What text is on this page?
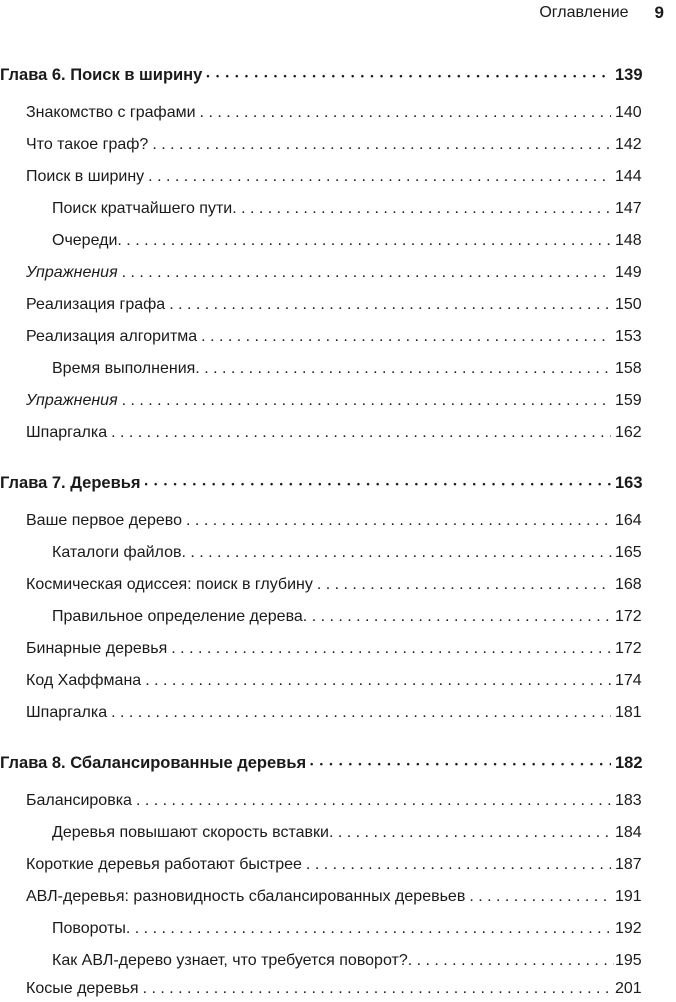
Оглавление 9
Глава 6. Поиск в ширину • • •	139
Знакомство с графами . . .	140
Что такое граф? . . .	142
Поиск в ширину . . .	144
Поиск кратчайшего пути . . .	147
Очереди . . .	148
Упражнения . . .	149
Реализация графа . . .	150
Реализация алгоритма . . .	153
Время выполнения . . .	158
Упражнения . . .	159
Шпаргалка . . .	162
Глава 7. Деревья • • •	163
Ваше первое дерево . . .	164
Каталоги файлов . . .	165
Космическая одиссея: поиск в глубину . . .	168
Правильное определение дерева . . .	172
Бинарные деревья . . .	172
Код Хаффмана . . .	174
Шпаргалка . . .	181
Глава 8. Сбалансированные деревья • • •	182
Балансировка . . .	183
Деревья повышают скорость вставки . . .	184
Короткие деревья работают быстрее . . .	187
АВЛ-деревья: разновидность сбалансированных деревьев . . .	191
Повороты . . .	192
Как АВЛ-дерево узнает, что требуется поворот? . . .	195
Косые деревья . . .	201
